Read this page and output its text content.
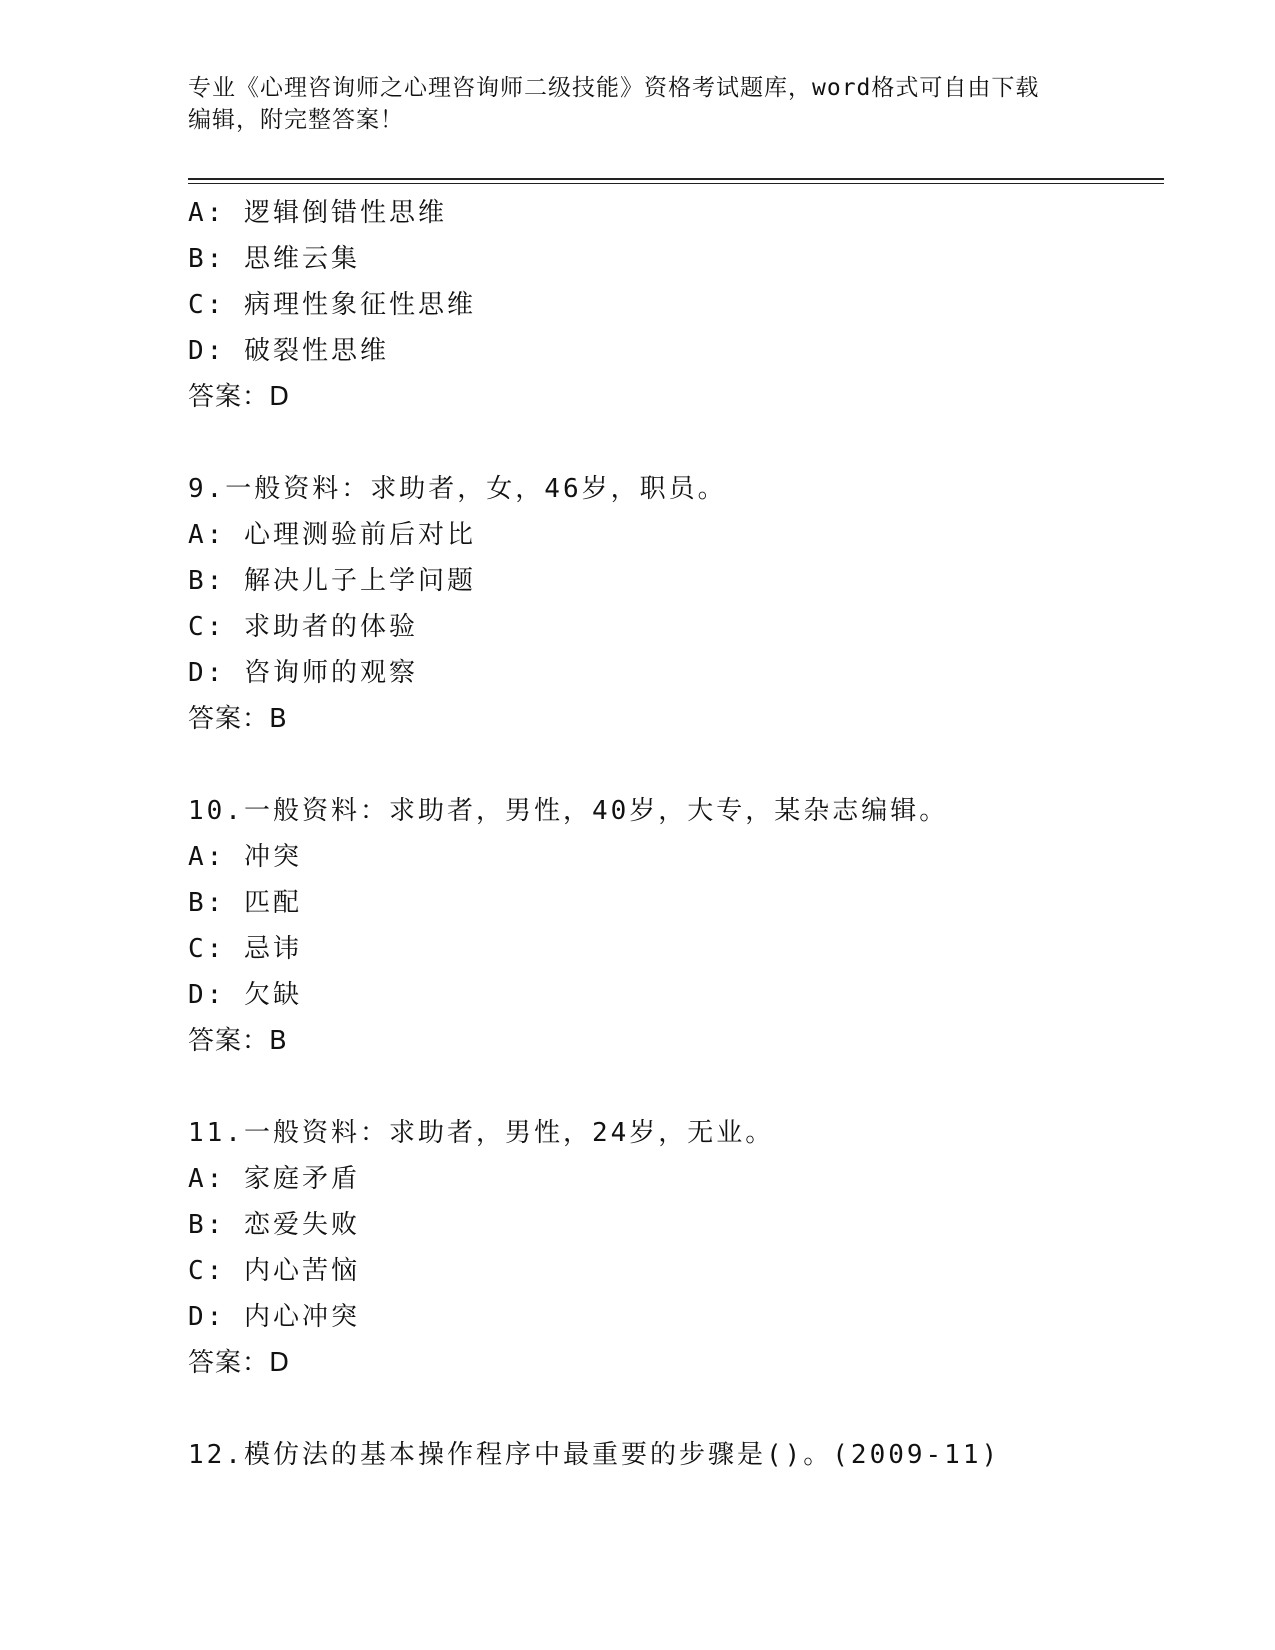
专业《心理咨询师之心理咨询师二级技能》资格考试题库，word格式可自由下载
编辑，附完整答案！
A: 逻辑倒错性思维
B: 思维云集
C: 病理性象征性思维
D: 破裂性思维
答案：D
9.一般资料：求助者，女，46岁，职员。
A: 心理测验前后对比
B: 解决儿子上学问题
C: 求助者的体验
D: 咨询师的观察
答案：B
10.一般资料：求助者，男性，40岁，大专，某杂志编辑。
A: 冲突
B: 匹配
C: 忌讳
D: 欠缺
答案：B
11.一般资料：求助者，男性，24岁，无业。
A: 家庭矛盾
B: 恋爱失败
C: 内心苦恼
D: 内心冲突
答案：D
12.模仿法的基本操作程序中最重要的步骤是()。(2009-11)
